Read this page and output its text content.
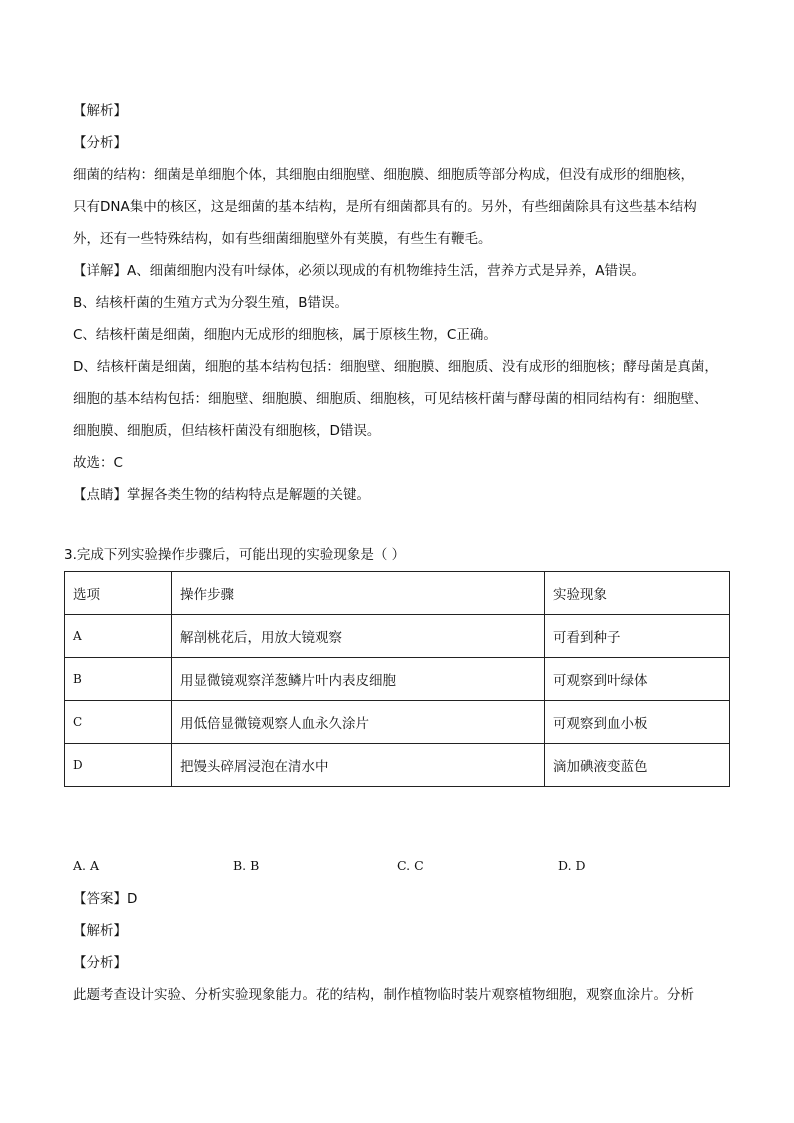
【解析】
【分析】
细菌的结构：细菌是单细胞个体，其细胞由细胞壁、细胞膜、细胞质等部分构成，但没有成形的细胞核，
只有DNA集中的核区，这是细菌的基本结构，是所有细菌都具有的。另外，有些细菌除具有这些基本结构
外，还有一些特殊结构，如有些细菌细胞壁外有荚膜，有些生有鞭毛。
【详解】A、细菌细胞内没有叶绿体，必须以现成的有机物维持生活，营养方式是异养，A错误。
B、结核杆菌的生殖方式为分裂生殖，B错误。
C、结核杆菌是细菌，细胞内无成形的细胞核，属于原核生物，C正确。
D、结核杆菌是细菌，细胞的基本结构包括：细胞壁、细胞膜、细胞质、没有成形的细胞核；酵母菌是真菌，
细胞的基本结构包括：细胞壁、细胞膜、细胞质、细胞核，可见结核杆菌与酵母菌的相同结构有：细胞壁、
细胞膜、细胞质，但结核杆菌没有细胞核，D错误。
故选：C
【点睛】掌握各类生物的结构特点是解题的关键。
3.完成下列实验操作步骤后，可能出现的实验现象是（ ）
选项	操作步骤	实验现象
A	解剖桃花后，用放大镜观察	可看到种子
B	用显微镜观察洋葱鳞片叶内表皮细胞	可观察到叶绿体
C	用低倍显微镜观察人血永久涂片	可观察到血小板
D	把馒头碎屑浸泡在清水中	滴加碘液变蓝色
A. A	B. B	C. C	D. D
【答案】D
【解析】
【分析】
此题考查设计实验、分析实验现象能力。花的结构，制作植物临时装片观察植物细胞，观察血涂片。分析
